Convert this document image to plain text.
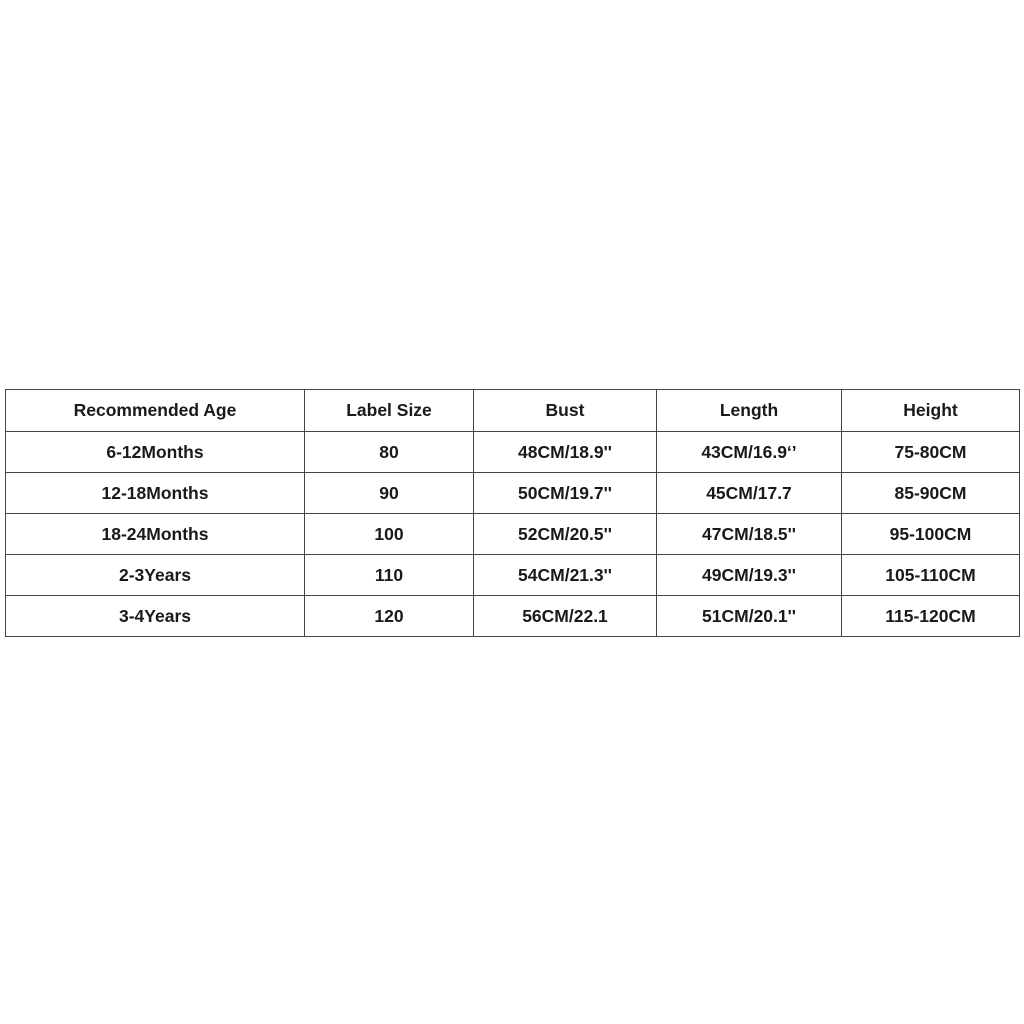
Recommended Age	Label Size	Bust	Length	Height
6-12Months	80	48CM/18.9''	43CM/16.9‘’	75-80CM
12-18Months	90	50CM/19.7''	45CM/17.7	85-90CM
18-24Months	100	52CM/20.5''	47CM/18.5''	95-100CM
2-3Years	110	54CM/21.3''	49CM/19.3''	105-110CM
3-4Years	120	56CM/22.1	51CM/20.1''	115-120CM
